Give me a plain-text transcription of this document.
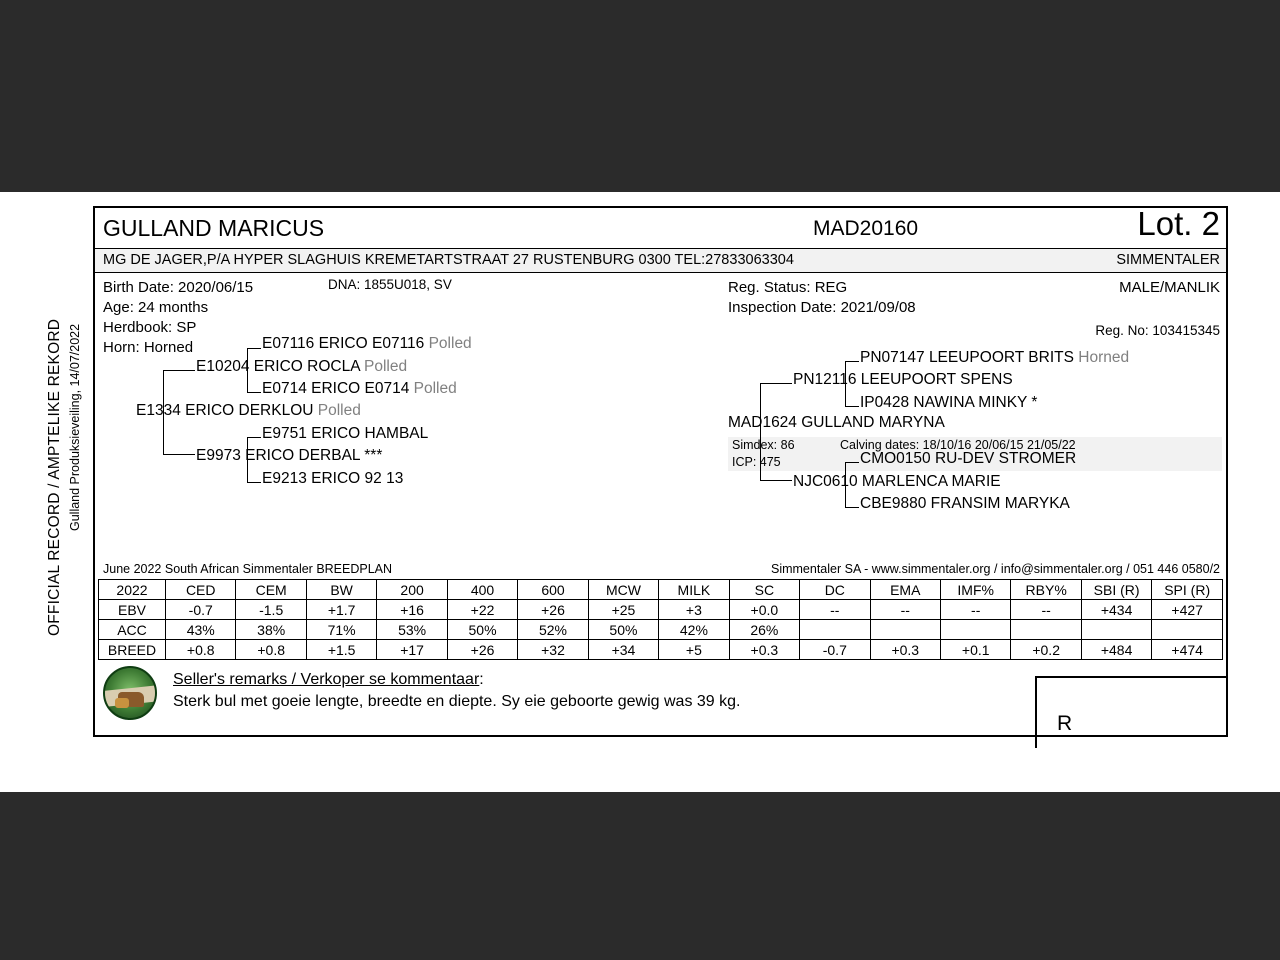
OFFICIAL RECORD / AMPTELIKE REKORD Gulland Produksieveiling, 14/07/2022
GULLAND MARICUS	MAD20160	Lot. 2
MG DE JAGER,P/A HYPER SLAGHUIS KREMETARTSTRAAT 27 RUSTENBURG 0300 TEL:27833063304	SIMMENTALER
Birth Date: 2020/06/15	DNA: 1855U018, SV
Age: 24 months
Herdbook: SP
Horn: Horned
Reg. Status: REG
Inspection Date: 2021/09/08
MALE/MANLIK
Reg. No: 103415345
E1334 ERICO DERKLOU Polled
E9973 ERICO DERBAL ***
E10204 ERICO ROCLA Polled
E07116 ERICO E07116 Polled
E0714 ERICO E0714 Polled
E9751 ERICO HAMBAL
E9213 ERICO 92 13
MAD1624 GULLAND MARYNA
Simdex: 86	Calving dates: 18/10/16 20/06/15 21/05/22
ICP: 475
PN12116 LEEUPOORT SPENS
NJC0610 MARLENCA MARIE
PN07147 LEEUPOORT BRITS Horned
IP0428 NAWINA MINKY *
CMO0150 RU-DEV STROMER
CBE9880 FRANSIM MARYKA
June 2022 South African Simmentaler BREEDPLAN	Simmentaler SA - www.simmentaler.org / info@simmentaler.org / 051 446 0580/2
2022	CED	CEM	BW	200	400	600	MCW	MILK	SC	DC	EMA	IMF%	RBY%	SBI (R)	SPI (R)
EBV	-0.7	-1.5	+1.7	+16	+22	+26	+25	+3	+0.0	--	--	--	--	+434	+427
ACC	43%	38%	71%	53%	50%	52%	50%	42%	26%						
BREED	+0.8	+0.8	+1.5	+17	+26	+32	+34	+5	+0.3	-0.7	+0.3	+0.1	+0.2	+484	+474
Seller's remarks / Verkoper se kommentaar:
Sterk bul met goeie lengte, breedte en diepte. Sy eie geboorte gewig was 39 kg.
R
